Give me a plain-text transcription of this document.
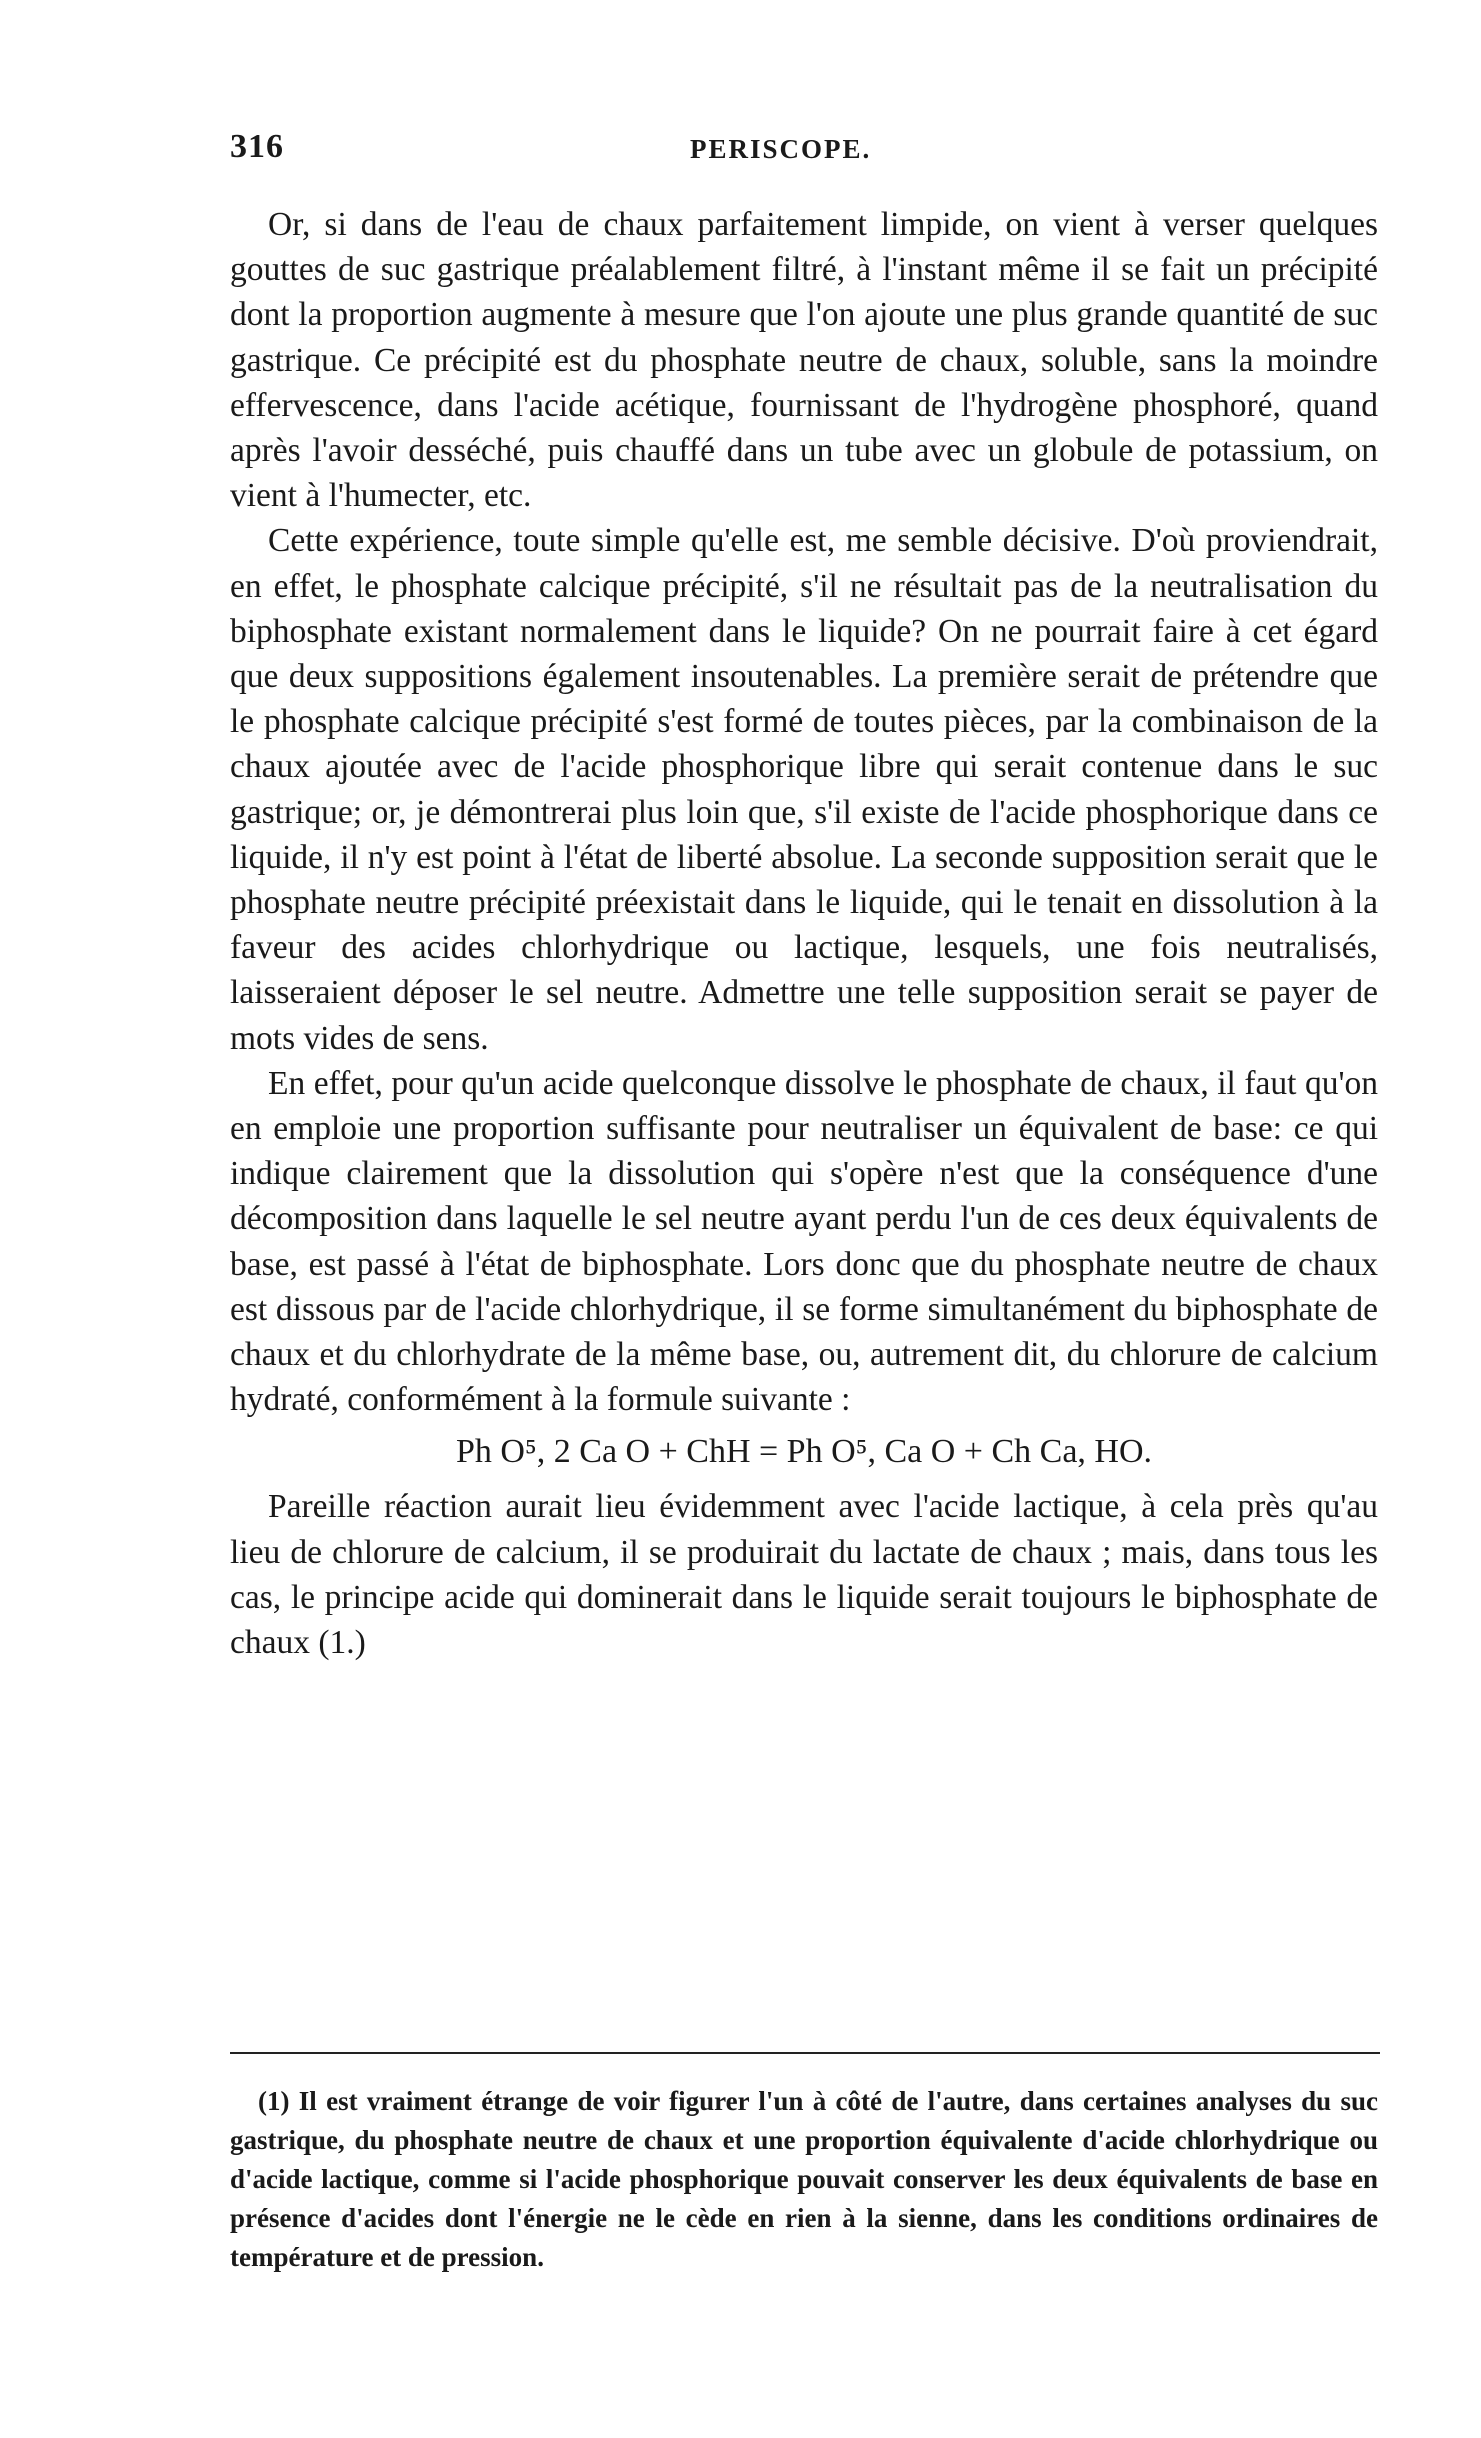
316	PERISCOPE.

Or, si dans de l'eau de chaux parfaitement limpide, on vient à verser quelques gouttes de suc gastrique préalablement filtré, à l'instant même il se fait un précipité dont la proportion augmente à mesure que l'on ajoute une plus grande quantité de suc gastrique. Ce précipité est du phosphate neutre de chaux, soluble, sans la moindre effervescence, dans l'acide acétique, fournissant de l'hydrogène phosphoré, quand après l'avoir desséché, puis chauffé dans un tube avec un globule de potassium, on vient à l'humecter, etc.

Cette expérience, toute simple qu'elle est, me semble décisive. D'où proviendrait, en effet, le phosphate calcique précipité, s'il ne résultait pas de la neutralisation du biphosphate existant normalement dans le liquide? On ne pourrait faire à cet égard que deux suppositions également insoutenables. La première serait de prétendre que le phosphate calcique précipité s'est formé de toutes pièces, par la combinaison de la chaux ajoutée avec de l'acide phosphorique libre qui serait contenue dans le suc gastrique; or, je démontrerai plus loin que, s'il existe de l'acide phosphorique dans ce liquide, il n'y est point à l'état de liberté absolue. La seconde supposition serait que le phosphate neutre précipité préexistait dans le liquide, qui le tenait en dissolution à la faveur des acides chlorhydrique ou lactique, lesquels, une fois neutralisés, laisseraient déposer le sel neutre. Admettre une telle supposition serait se payer de mots vides de sens.

En effet, pour qu'un acide quelconque dissolve le phosphate de chaux, il faut qu'on en emploie une proportion suffisante pour neutraliser un équivalent de base: ce qui indique clairement que la dissolution qui s'opère n'est que la conséquence d'une décomposition dans laquelle le sel neutre ayant perdu l'un de ces deux équivalents de base, est passé à l'état de biphosphate. Lors donc que du phosphate neutre de chaux est dissous par de l'acide chlorhydrique, il se forme simultanément du biphosphate de chaux et du chlorhydrate de la même base, ou, autrement dit, du chlorure de calcium hydraté, conformément à la formule suivante :

Ph O⁵, 2 Ca O + ChH = Ph O⁵, Ca O + Ch Ca, HO.

Pareille réaction aurait lieu évidemment avec l'acide lactique, à cela près qu'au lieu de chlorure de calcium, il se produirait du lactate de chaux ; mais, dans tous les cas, le principe acide qui dominerait dans le liquide serait toujours le biphosphate de chaux (1.)

(1) Il est vraiment étrange de voir figurer l'un à côté de l'autre, dans certaines analyses du suc gastrique, du phosphate neutre de chaux et une proportion équivalente d'acide chlorhydrique ou d'acide lactique, comme si l'acide phosphorique pouvait conserver les deux équivalents de base en présence d'acides dont l'énergie ne le cède en rien à la sienne, dans les conditions ordinaires de température et de pression.
